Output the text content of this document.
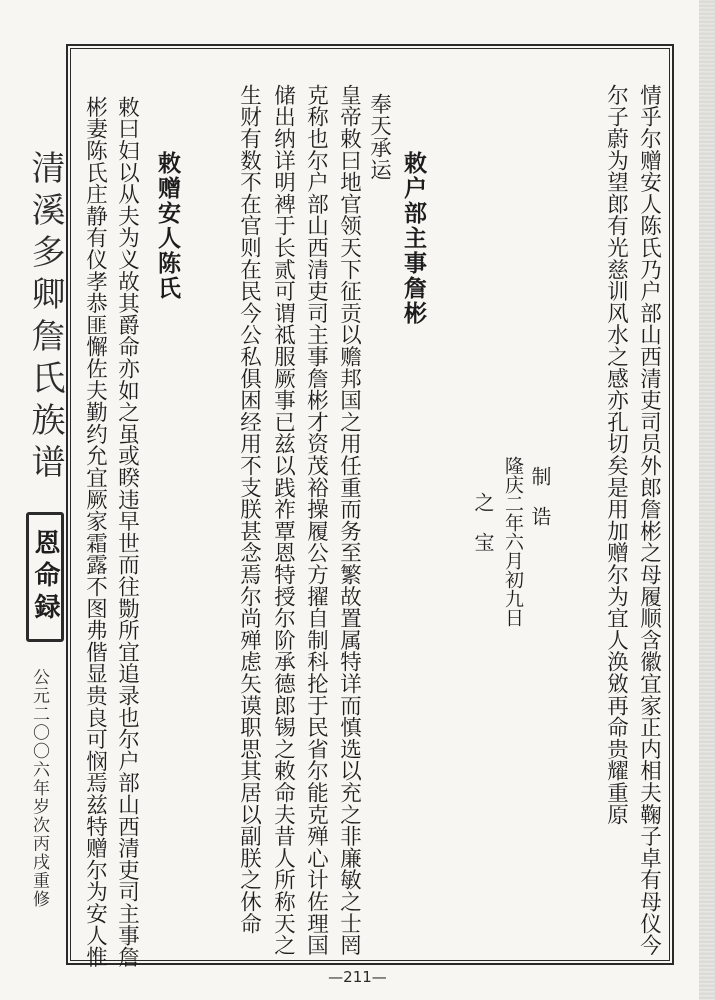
清溪多卿詹氏族谱
恩命録
公元二〇〇六年岁次丙戌重修	情乎尔赠安人陈氏乃户部山西清吏司员外郎詹彬之母履顺含徽宜家正内相夫鞠子卓有母仪今
尔子蔚为望郎有光慈训风水之感亦孔切矣是用加赠尔为宜人涣敓再命贵耀重原
制　诰
隆庆二年六月初九日
之　宝
敕户部主事詹彬
奉天承运
皇帝敕曰地官领天下征贡以赡邦国之用任重而务至繁故置属特详而慎选以充之非廉敏之士罔
克称也尔户部山西清吏司主事詹彬才资茂裕操履公方擢自制科抡于民省尔能克殚心计佐理国
储出纳详明裨于长贰可谓祗服厥事已兹以践祚覃恩特授尔阶承德郎锡之敕命夫昔人所称天之
生财有数不在官则在民今公私俱困经用不支朕甚念焉尔尚殚虑矢谟职思其居以副朕之休命
敕赠安人陈氏
敕曰妇以从夫为义故其爵命亦如之虽或睽违早世而往勚所宜追录也尔户部山西清吏司主事詹
彬妻陈氏庄静有仪孝恭匪懈佐夫勤约允宜厥家霜露不图弗偕显贵良可悯焉兹特赠尔为安人惟
—211—
